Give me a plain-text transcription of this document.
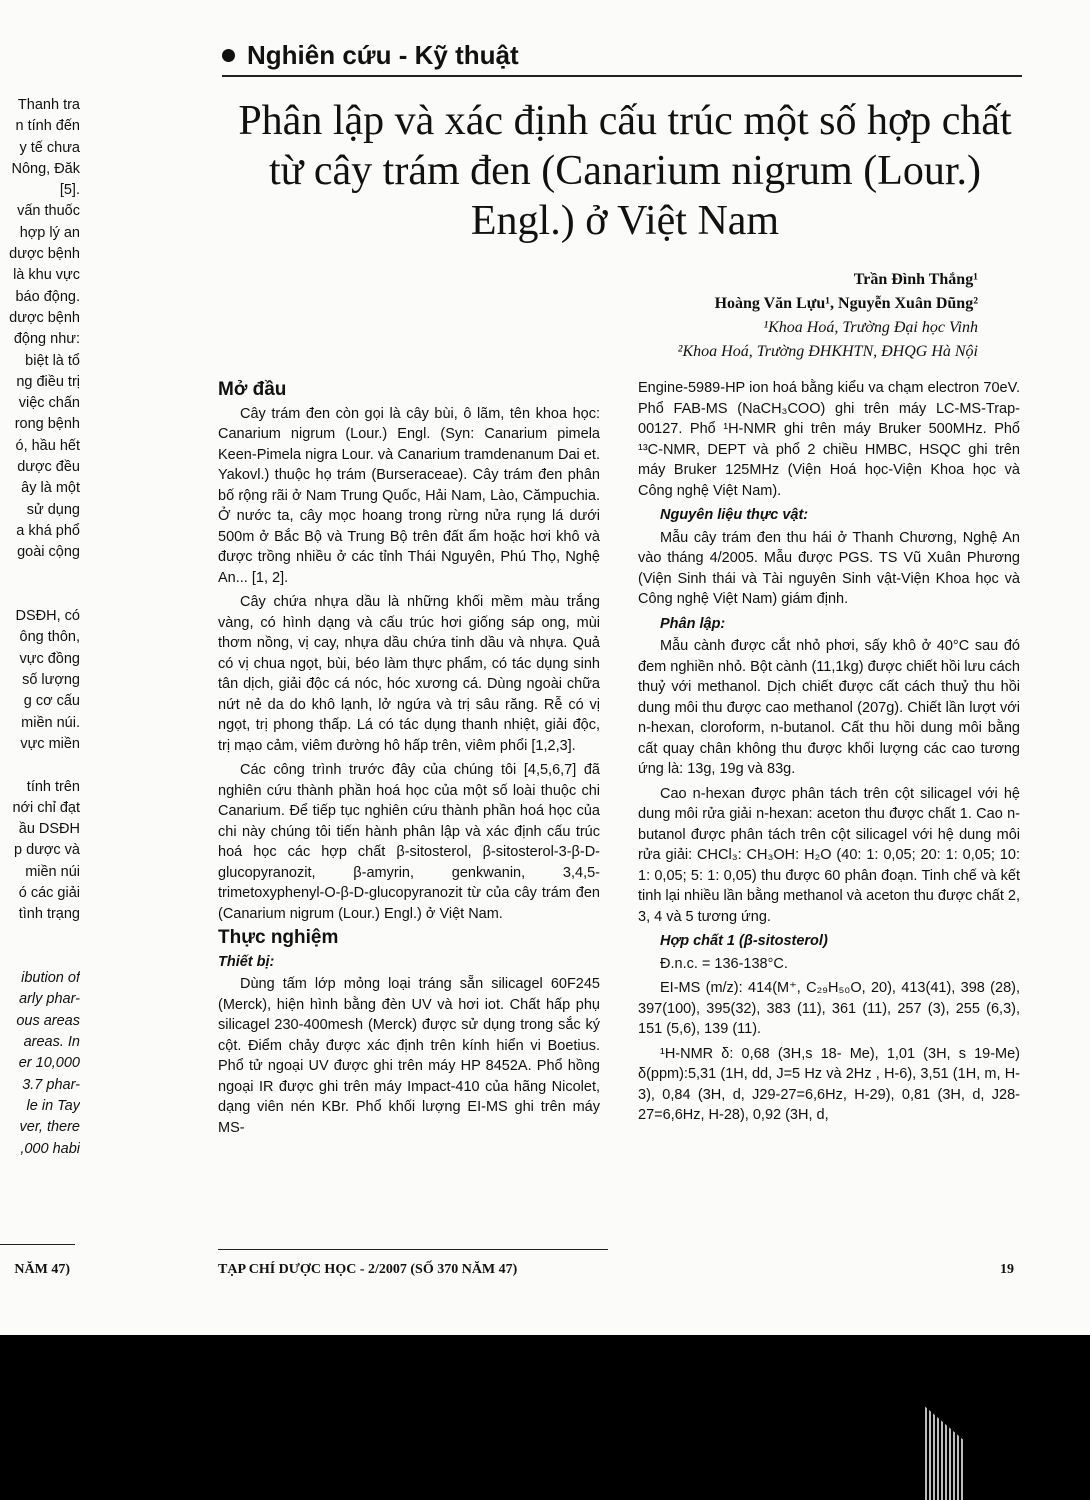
Thanh tra
n tính đến
y tế chưa
Nông, Đăk
[5].
vấn thuốc
hợp lý an
dược bệnh
là khu vực
báo động.
dược bệnh
động như:
biệt là tổ
ng điều trị
việc chấn
rong bệnh
ó, hầu hết
dược đều
ây là một
sử dụng
a khá phổ
goài cộng
DSĐH, có
ông thôn,
vực đồng
số lượng
g cơ cấu
miền núi.
vực miền
tính trên
nới chỉ đạt
ầu DSĐH
p dược và
miền núi
ó các giải
tình trạng
ibution of
arly phar-
ous areas
areas. In
er 10,000
3.7 phar-
le in Tay
ver, there
,000 habi
NĂM 47)
Nghiên cứu - Kỹ thuật
Phân lập và xác định cấu trúc một số hợp chất từ cây trám đen (Canarium nigrum (Lour.) Engl.) ở Việt Nam
Trần Đình Thắng¹
Hoàng Văn Lựu¹, Nguyễn Xuân Dũng²
¹Khoa Hoá, Trường Đại học Vinh
²Khoa Hoá, Trường ĐHKHTN, ĐHQG Hà Nội
Mở đầu

Cây trám đen còn gọi là cây bùi, ô lãm, tên khoa học: Canarium nigrum (Lour.) Engl. (Syn: Canarium pimela Keen-Pimela nigra Lour. và Canarium tramdenanum Dai et. Yakovl.) thuộc họ trám (Burseraceae). Cây trám đen phân bố rộng rãi ở Nam Trung Quốc, Hải Nam, Lào, Cămpuchia. Ở nước ta, cây mọc hoang trong rừng nửa rụng lá dưới 500m ở Bắc Bộ và Trung Bộ trên đất ẩm hoặc hơi khô và được trồng nhiều ở các tỉnh Thái Nguyên, Phú Thọ, Nghệ An... [1, 2].

Cây chứa nhựa dầu là những khối mềm màu trắng vàng, có hình dạng và cấu trúc hơi giống sáp ong, mùi thơm nồng, vị cay, nhựa dầu chứa tinh dầu và nhựa. Quả có vị chua ngọt, bùi, béo làm thực phẩm, có tác dụng sinh tân dịch, giải độc cá nóc, hóc xương cá. Dùng ngoài chữa nứt nẻ da do khô lạnh, lở ngứa và trị sâu răng. Rễ có vị ngọt, trị phong thấp. Lá có tác dụng thanh nhiệt, giải độc, trị mạo cảm, viêm đường hô hấp trên, viêm phổi [1,2,3].

Các công trình trước đây của chúng tôi [4,5,6,7] đã nghiên cứu thành phần hoá học của một số loài thuộc chi Canarium. Để tiếp tục nghiên cứu thành phần hoá học của chi này chúng tôi tiến hành phân lập và xác định cấu trúc hoá học các hợp chất β-sitosterol, β-sitosterol-3-β-D-glucopyranozit, β-amyrin, genkwanin, 3,4,5-trimetoxyphenyl-O-β-D-glucopyranozit từ của cây trám đen (Canarium nigrum (Lour.) Engl.) ở Việt Nam.

Thực nghiệm
Thiết bị:

Dùng tấm lớp mỏng loại tráng sẵn silicagel 60F245 (Merck), hiện hình bằng đèn UV và hơi iot. Chất hấp phụ silicagel 230-400mesh (Merck) được sử dụng trong sắc ký cột. Điểm chảy được xác định trên kính hiển vi Boetius. Phổ tử ngoại UV được ghi trên máy HP 8452A. Phổ hồng ngoại IR được ghi trên máy Impact-410 của hãng Nicolet, dạng viên nén KBr. Phổ khối lượng EI-MS ghi trên máy MS-

Engine-5989-HP ion hoá bằng kiểu va chạm electron 70eV. Phổ FAB-MS (NaCH₃COO) ghi trên máy LC-MS-Trap-00127. Phổ ¹H-NMR ghi trên máy Bruker 500MHz. Phổ ¹³C-NMR, DEPT và phổ 2 chiều HMBC, HSQC ghi trên máy Bruker 125MHz (Viện Hoá học-Viện Khoa học và Công nghệ Việt Nam).

Nguyên liệu thực vật:

Mẫu cây trám đen thu hái ở Thanh Chương, Nghệ An vào tháng 4/2005. Mẫu được PGS. TS Vũ Xuân Phương (Viện Sinh thái và Tài nguyên Sinh vật-Viện Khoa học và Công nghệ Việt Nam) giám định.

Phân lập:

Mẫu cành được cắt nhỏ phơi, sấy khô ở 40°C sau đó đem nghiền nhỏ. Bột cành (11,1kg) được chiết hồi lưu cách thuỷ với methanol. Dịch chiết được cất cách thuỷ thu hồi dung môi thu được cao methanol (207g). Chiết lần lượt với n-hexan, cloroform, n-butanol. Cất thu hồi dung môi bằng cất quay chân không thu được khối lượng các cao tương ứng là: 13g, 19g và 83g.

Cao n-hexan được phân tách trên cột silicagel với hệ dung môi rửa giải n-hexan: aceton thu được chất 1. Cao n-butanol được phân tách trên cột silicagel với hệ dung môi rửa giải: CHCl₃: CH₃OH: H₂O (40: 1: 0,05; 20: 1: 0,05; 10: 1: 0,05; 5: 1: 0,05) thu được 60 phân đoạn. Tinh chế và kết tinh lại nhiều lần bằng methanol và aceton thu được chất 2, 3, 4 và 5 tương ứng.

Hợp chất 1 (β-sitosterol)

Đ.n.c. = 136-138°C.

EI-MS (m/z): 414(M⁺, C₂₉H₅₀O, 20), 413(41), 398 (28), 397(100), 395(32), 383 (11), 361 (11), 257 (3), 255 (6,3), 151 (5,6), 139 (11).

¹H-NMR δ: 0,68 (3H,s 18- Me), 1,01 (3H, s 19-Me) δ(ppm):5,31 (1H, dd, J=5 Hz và 2Hz , H-6), 3,51 (1H, m, H-3), 0,84 (3H, d, J29-27=6,6Hz, H-29), 0,81 (3H, d, J28-27=6,6Hz, H-28), 0,92 (3H, d,

TẠP CHÍ DƯỢC HỌC - 2/2007 (SỐ 370 NĂM 47)	19
